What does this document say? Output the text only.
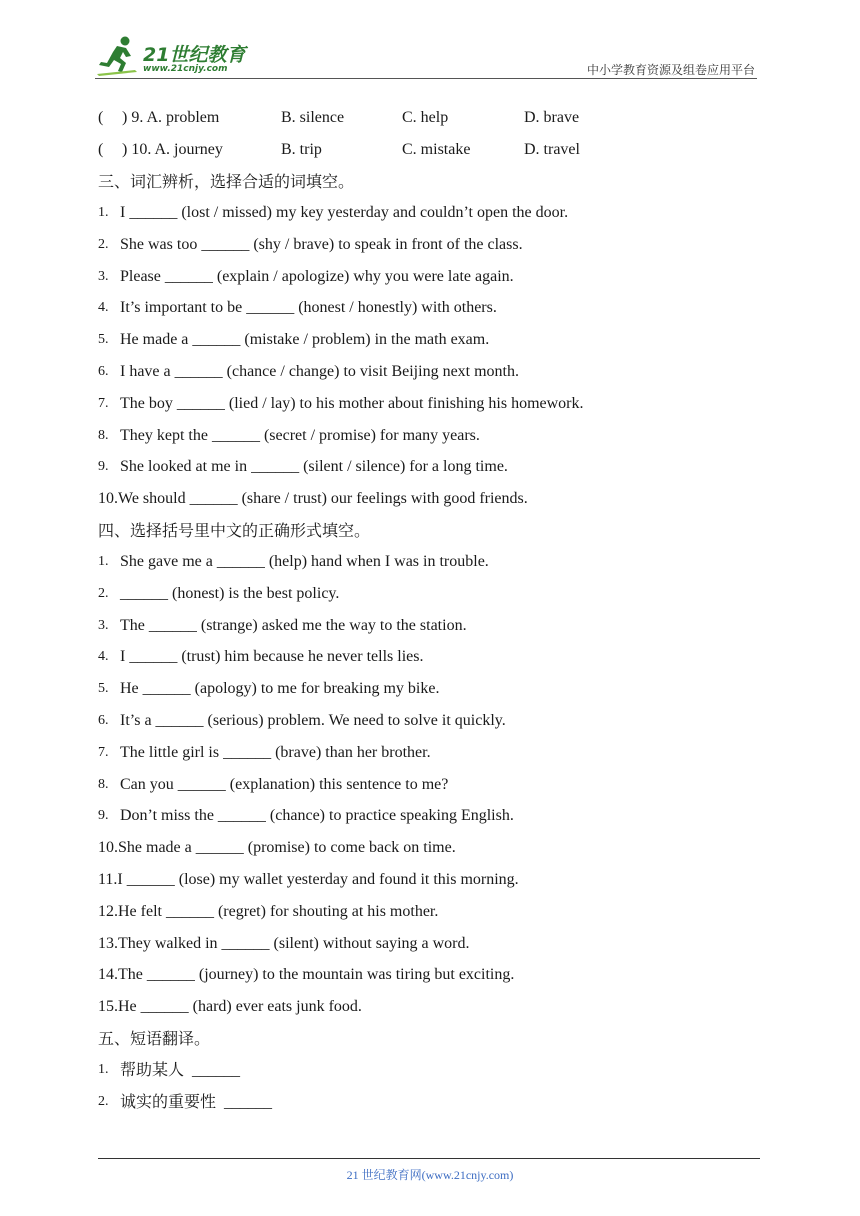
21世纪教育
www.21cnjy.com	中小学教育资源及组卷应用平台
( ) 9. A. problem	B. silence	C. help	D. brave
( ) 10. A. journey	B. trip	C. mistake	D. travel
三、词汇辨析，选择合适的词填空。
1. I ______ (lost / missed) my key yesterday and couldn’t open the door.
2. She was too ______ (shy / brave) to speak in front of the class.
3. Please ______ (explain / apologize) why you were late again.
4. It’s important to be ______ (honest / honestly) with others.
5. He made a ______ (mistake / problem) in the math exam.
6. I have a ______ (chance / change) to visit Beijing next month.
7. The boy ______ (lied / lay) to his mother about finishing his homework.
8. They kept the ______ (secret / promise) for many years.
9. She looked at me in ______ (silent / silence) for a long time.
10.We should ______ (share / trust) our feelings with good friends.
四、选择括号里中文的正确形式填空。
1. She gave me a ______ (help) hand when I was in trouble.
2. ______ (honest) is the best policy.
3. The ______ (strange) asked me the way to the station.
4. I ______ (trust) him because he never tells lies.
5. He ______ (apology) to me for breaking my bike.
6. It’s a ______ (serious) problem. We need to solve it quickly.
7. The little girl is ______ (brave) than her brother.
8. Can you ______ (explanation) this sentence to me?
9. Don’t miss the ______ (chance) to practice speaking English.
10.She made a ______ (promise) to come back on time.
11.I ______ (lose) my wallet yesterday and found it this morning.
12.He felt ______ (regret) for shouting at his mother.
13.They walked in ______ (silent) without saying a word.
14.The ______ (journey) to the mountain was tiring but exciting.
15.He ______ (hard) ever eats junk food.
五、短语翻译。
1. 帮助某人 ______
2. 诚实的重要性 ______
21 世纪教育网(www.21cnjy.com)
